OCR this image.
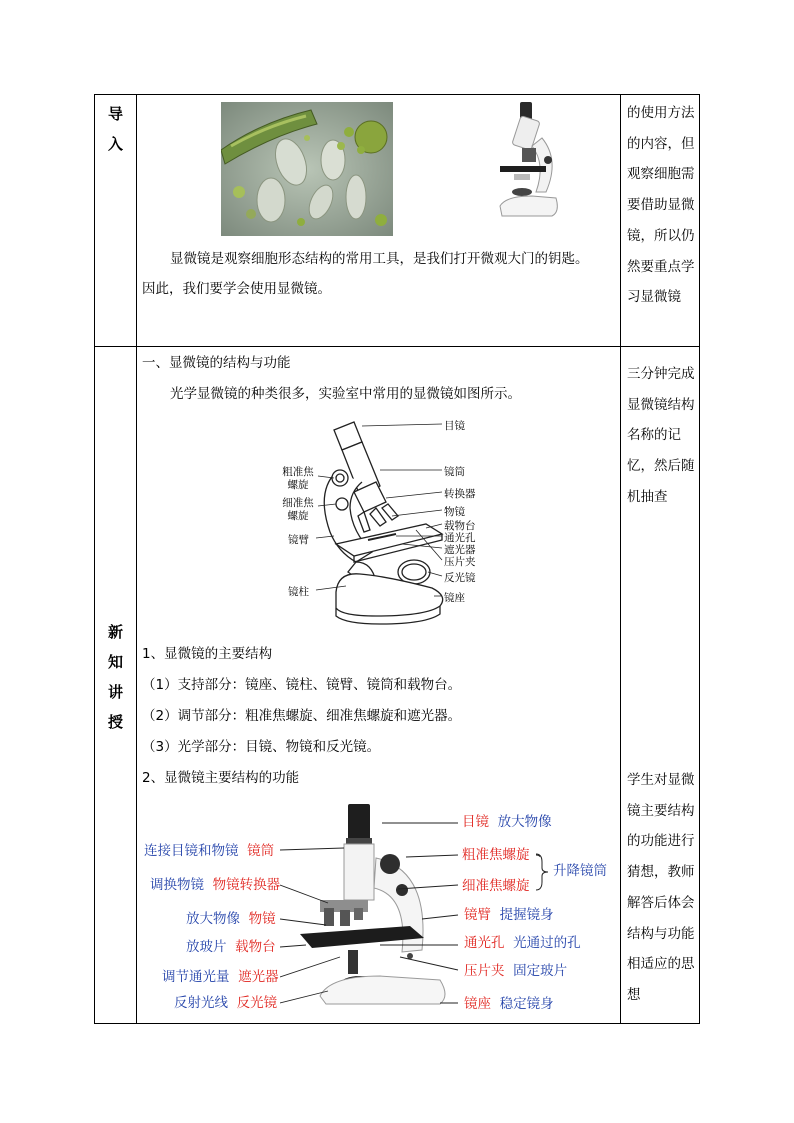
导
入
的使用方法的内容，但观察细胞需要借助显微镜，所以仍然要重点学习显微镜
新
知
讲
授
三分钟完成显微镜结构名称的记忆，然后随机抽查
学生对显微镜主要结构的功能进行猜想，教师解答后体会结构与功能相适应的思想
显微镜是观察细胞形态结构的常用工具，是我们打开微观大门的钥匙。
因此，我们要学会使用显微镜。
一、显微镜的结构与功能
光学显微镜的种类很多，实验室中常用的显微镜如图所示。
目镜
粗准焦螺旋
细准焦螺旋
镜臂
镜柱
镜筒
转换器
物镜
载物台
通光孔
遮光器
压片夹
反光镜
镜座
1、显微镜的主要结构
（1）支持部分：镜座、镜柱、镜臂、镜筒和载物台。
（2）调节部分：粗准焦螺旋、细准焦螺旋和遮光器。
（3）光学部分：目镜、物镜和反光镜。
2、显微镜主要结构的功能
连接目镜和物镜 镜筒
调换物镜 物镜转换器
放大物像 物镜
放玻片 载物台
调节通光量 遮光器
反射光线 反光镜
目镜 放大物像
粗准焦螺旋
细准焦螺旋
升降镜筒
镜臂 提握镜身
通光孔 光通过的孔
压片夹 固定玻片
镜座 稳定镜身
